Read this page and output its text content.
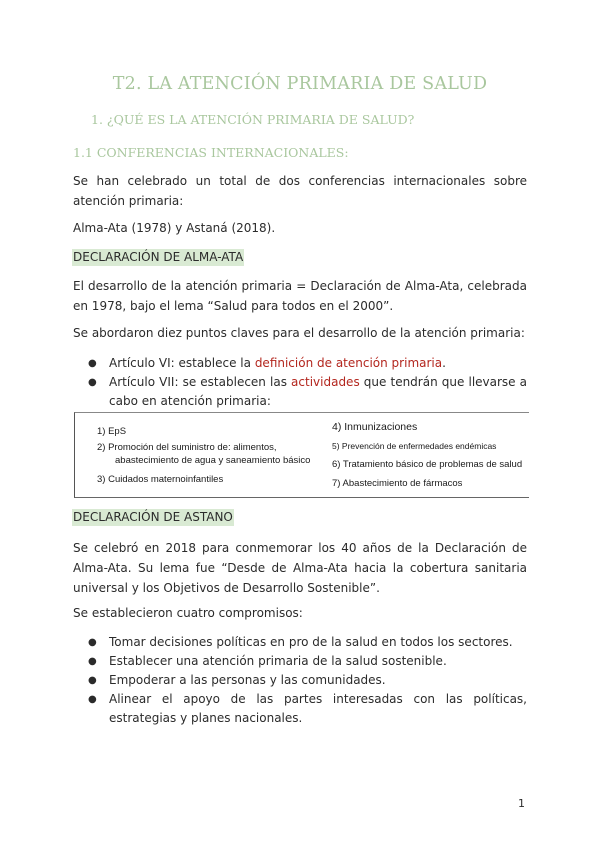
T2. LA ATENCIÓN PRIMARIA DE SALUD
1. ¿QUÉ ES LA ATENCIÓN PRIMARIA DE SALUD?
1.1 CONFERENCIAS INTERNACIONALES:
Se han celebrado un total de dos conferencias internacionales sobre atención primaria:
Alma-Ata (1978) y Astaná (2018).
DECLARACIÓN DE ALMA-ATA
El desarrollo de la atención primaria = Declaración de Alma-Ata, celebrada en 1978, bajo el lema “Salud para todos en el 2000”.
Se abordaron diez puntos claves para el desarrollo de la atención primaria:
● Artículo VI: establece la definición de atención primaria.
● Artículo VII: se establecen las actividades que tendrán que llevarse a cabo en atención primaria:
1) EpS
2) Promoción del suministro de: alimentos,
abastecimiento de agua y saneamiento básico
3) Cuidados maternoinfantiles
4) Inmunizaciones
5) Prevención de enfermedades endémicas
6) Tratamiento básico de problemas de salud
7) Abastecimiento de fármacos
DECLARACIÓN DE ASTANO
Se celebró en 2018 para conmemorar los 40 años de la Declaración de Alma-Ata. Su lema fue “Desde de Alma-Ata hacia la cobertura sanitaria universal y los Objetivos de Desarrollo Sostenible”.
Se establecieron cuatro compromisos:
● Tomar decisiones políticas en pro de la salud en todos los sectores.
● Establecer una atención primaria de la salud sostenible.
● Empoderar a las personas y las comunidades.
● Alinear el apoyo de las partes interesadas con las políticas, estrategias y planes nacionales.
1
